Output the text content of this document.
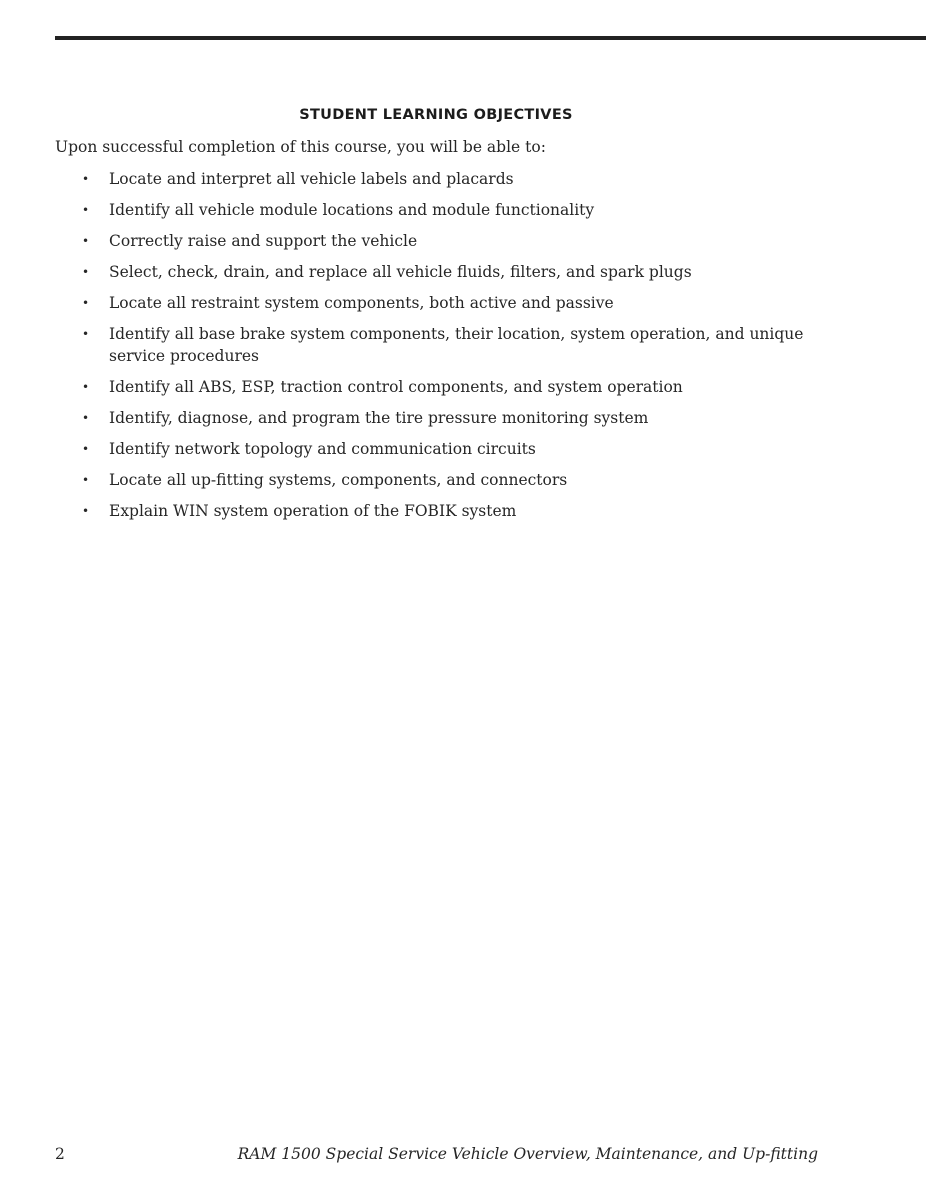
STUDENT LEARNING OBJECTIVES
Upon successful completion of this course, you will be able to:
• Locate and interpret all vehicle labels and placards
• Identify all vehicle module locations and module functionality
• Correctly raise and support the vehicle
• Select, check, drain, and replace all vehicle fluids, filters, and spark plugs
• Locate all restraint system components, both active and passive
• Identify all base brake system components, their location, system operation, and unique service procedures
• Identify all ABS, ESP, traction control components, and system operation
• Identify, diagnose, and program the tire pressure monitoring system
• Identify network topology and communication circuits
• Locate all up-fitting systems, components, and connectors
• Explain WIN system operation of the FOBIK system
2	RAM 1500 Special Service Vehicle Overview, Maintenance, and Up-fitting
